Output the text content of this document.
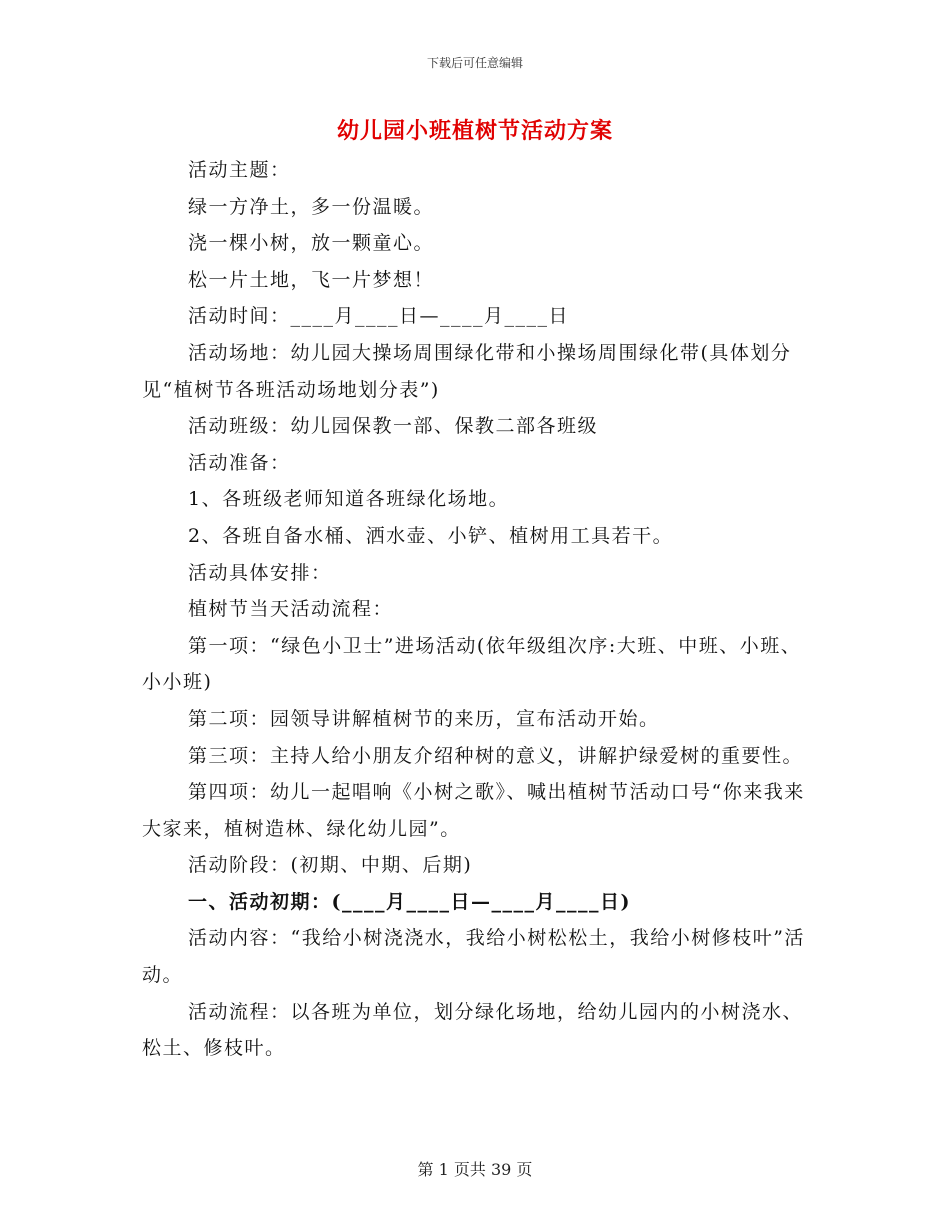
下载后可任意编辑
幼儿园小班植树节活动方案

活动主题：

绿一方净土，多一份温暖。

浇一棵小树，放一颗童心。

松一片土地，飞一片梦想！

活动时间：____月____日—____月____日

活动场地：幼儿园大操场周围绿化带和小操场周围绿化带(具体划分见“植树节各班活动场地划分表”)

活动班级：幼儿园保教一部、保教二部各班级

活动准备：

1、各班级老师知道各班绿化场地。

2、各班自备水桶、洒水壶、小铲、植树用工具若干。

活动具体安排：

植树节当天活动流程：

第一项：“绿色小卫士”进场活动(依年级组次序:大班、中班、小班、小小班)

第二项：园领导讲解植树节的来历，宣布活动开始。

第三项：主持人给小朋友介绍种树的意义，讲解护绿爱树的重要性。

第四项：幼儿一起唱响《小树之歌》、喊出植树节活动口号“你来我来大家来，植树造林、绿化幼儿园”。

活动阶段：(初期、中期、后期)

一、活动初期：(____月____日—____月____日)

活动内容：“我给小树浇浇水，我给小树松松土，我给小树修枝叶”活动。

活动流程：以各班为单位，划分绿化场地，给幼儿园内的小树浇水、松土、修枝叶。

第 1 页共 39 页
